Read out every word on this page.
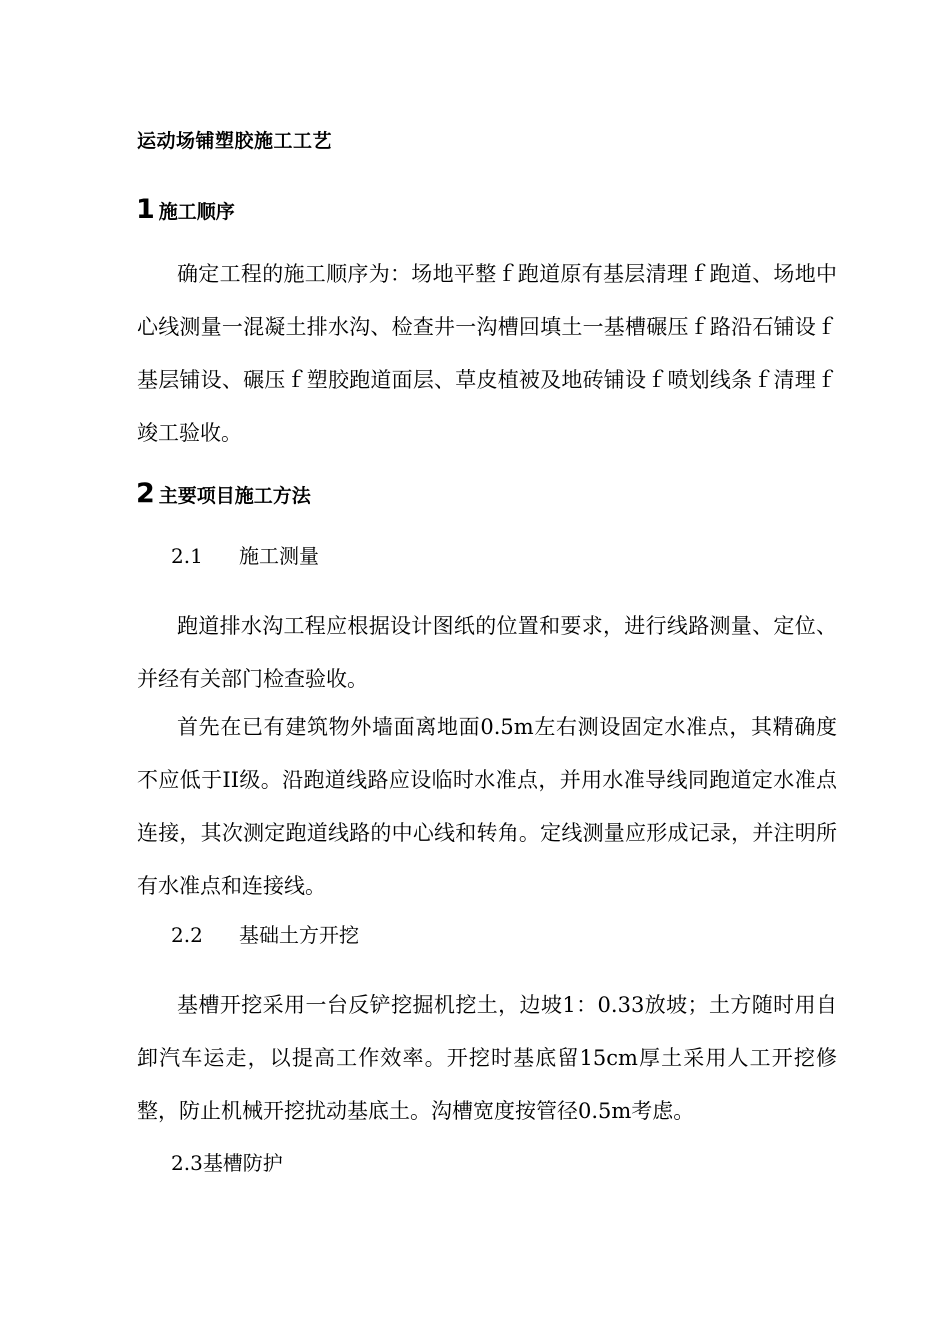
运动场铺塑胶施工工艺
1 施工顺序

确定工程的施工顺序为：场地平整ｆ跑道原有基层清理ｆ跑道、场地中心线测量一混凝土排水沟、检查井一沟槽回填土一基槽碾压ｆ路沿石铺设ｆ基层铺设、碾压ｆ塑胶跑道面层、草皮植被及地砖铺设ｆ喷划线条ｆ清理ｆ竣工验收。

2 主要项目施工方法
2.1 施工测量

跑道排水沟工程应根据设计图纸的位置和要求，进行线路测量、定位、并经有关部门检查验收。

首先在已有建筑物外墙面离地面0.5m左右测设固定水准点，其精确度不应低于II级。沿跑道线路应设临时水准点，并用水准导线同跑道定水准点连接，其次测定跑道线路的中心线和转角。定线测量应形成记录，并注明所有水准点和连接线。

2.2 基础土方开挖

基槽开挖采用一台反铲挖掘机挖土，边坡1：0.33放坡；土方随时用自卸汽车运走，以提高工作效率。开挖时基底留15cm厚土采用人工开挖修整，防止机械开挖扰动基底土。沟槽宽度按管径0.5m考虑。

2.3基槽防护
